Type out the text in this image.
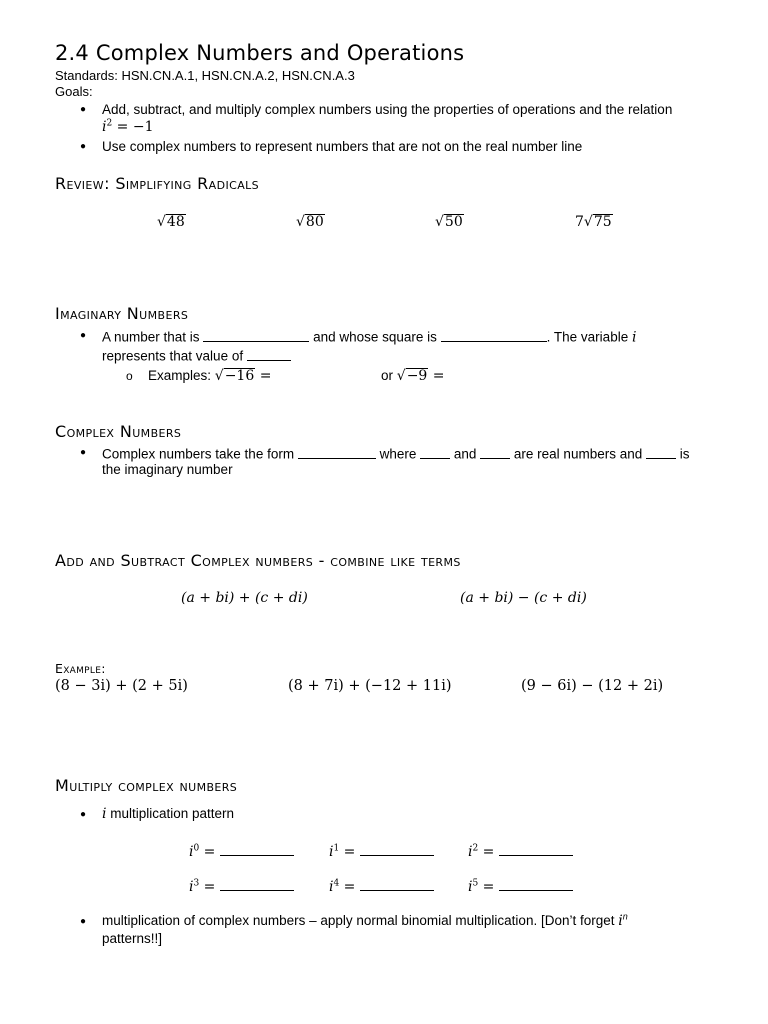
2.4 Complex Numbers and Operations
Standards: HSN.CN.A.1, HSN.CN.A.2, HSN.CN.A.3
Goals:
● Add, subtract, and multiply complex numbers using the properties of operations and the relation
$i^2 = -1$
● Use complex numbers to represent numbers that are not on the real number line
Review: Simplifying Radicals
√48	√80	√50	7√75
Imaginary Numbers
● A number that is	and whose square is	. The variable i
represents that value of
o Examples: √−16 =	or √−9 =
Complex Numbers
● Complex numbers take the form	where  and  are real numbers and  is
the imaginary number
Add and Subtract Complex numbers - combine like terms
(a + bi) + (c + di)	(a + bi) − (c + di)
Example:
(8 − 3i) + (2 + 5i)	(8 + 7i) + (−12 + 11i)	(9 − 6i) − (12 + 2i)
Multiply complex numbers
● i multiplication pattern
$i^0$ =	$i^1$ =	$i^2$ =
$i^3$ =	$i^4$ =	$i^5$ =
● multiplication of complex numbers – apply normal binomial multiplication. [Don’t forget $i^n$
patterns!!]
